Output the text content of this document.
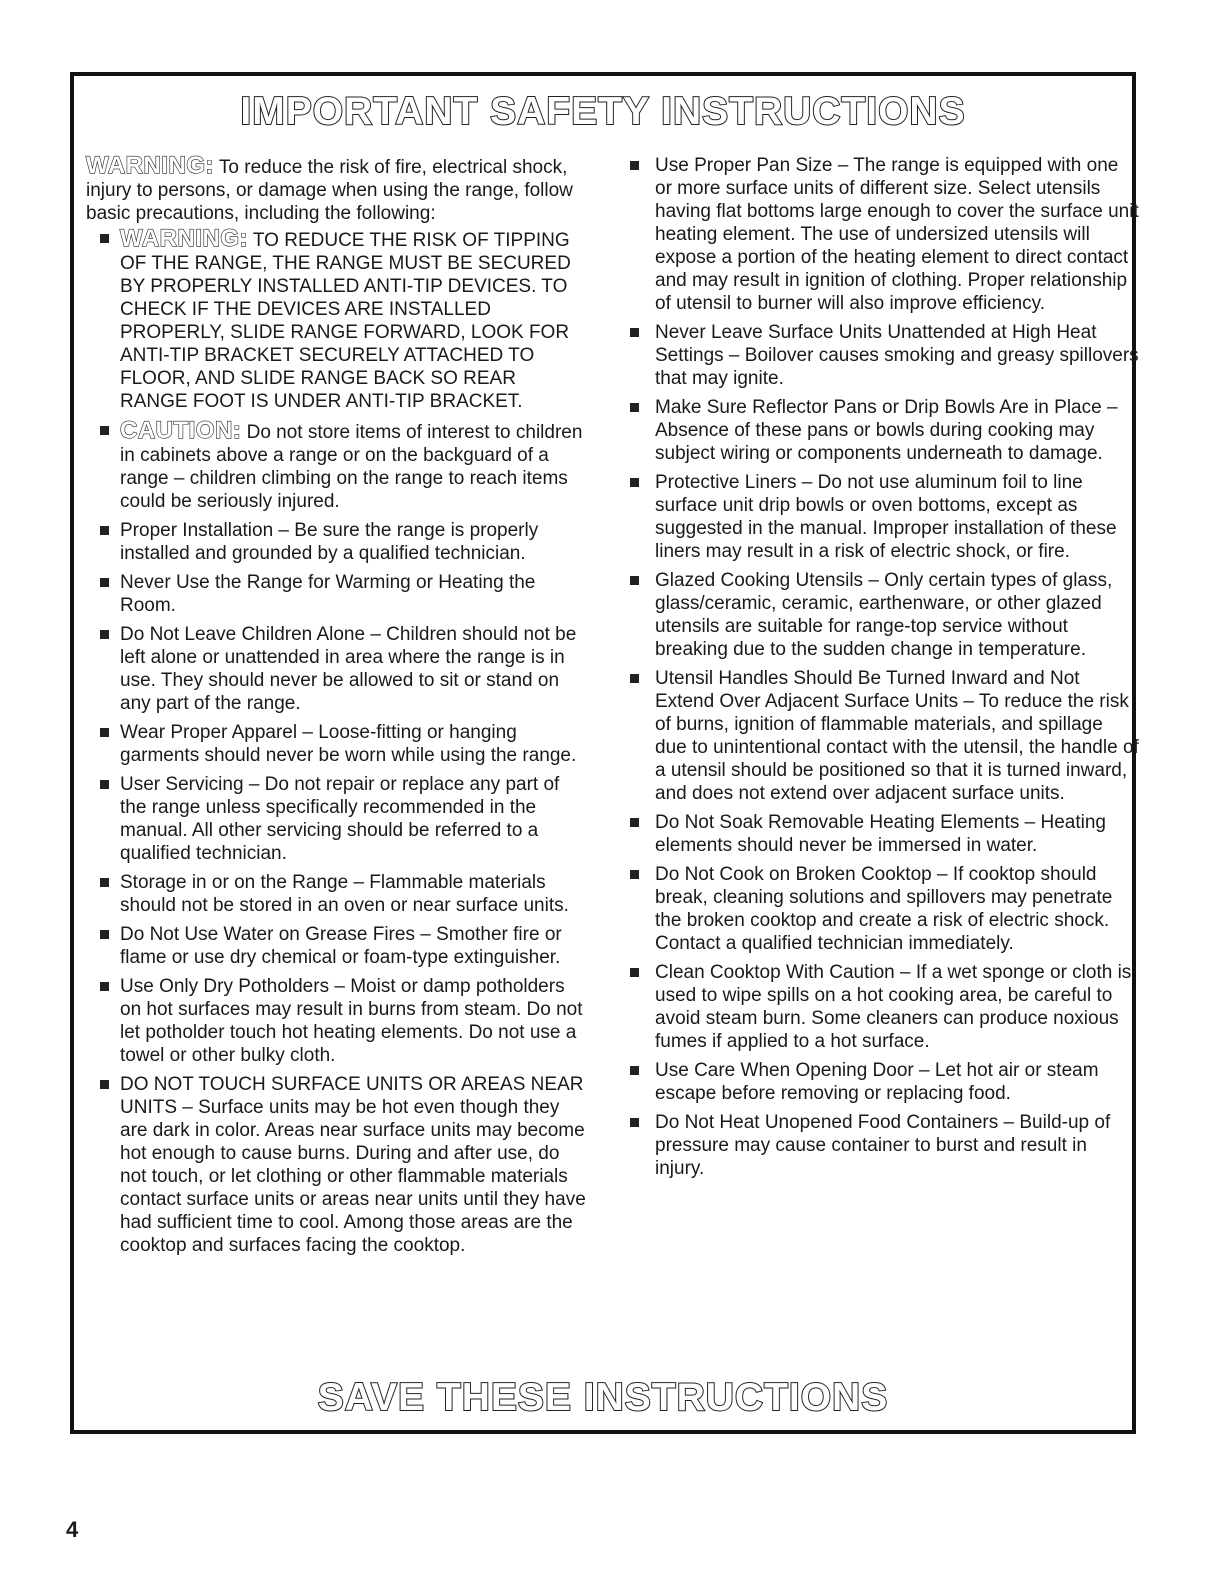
IMPORTANT SAFETY INSTRUCTIONS

WARNING: To reduce the risk of fire, electrical shock, injury to persons, or damage when using the range, follow basic precautions, including the following:

WARNING: TO REDUCE THE RISK OF TIPPING OF THE RANGE, THE RANGE MUST BE SECURED BY PROPERLY INSTALLED ANTI-TIP DEVICES. TO CHECK IF THE DEVICES ARE INSTALLED PROPERLY, SLIDE RANGE FORWARD, LOOK FOR ANTI-TIP BRACKET SECURELY ATTACHED TO FLOOR, AND SLIDE RANGE BACK SO REAR RANGE FOOT IS UNDER ANTI-TIP BRACKET.
CAUTION: Do not store items of interest to children in cabinets above a range or on the backguard of a range – children climbing on the range to reach items could be seriously injured.
Proper Installation – Be sure the range is properly installed and grounded by a qualified technician.
Never Use the Range for Warming or Heating the Room.
Do Not Leave Children Alone – Children should not be left alone or unattended in area where the range is in use. They should never be allowed to sit or stand on any part of the range.
Wear Proper Apparel – Loose-fitting or hanging garments should never be worn while using the range.
User Servicing – Do not repair or replace any part of the range unless specifically recommended in the manual. All other servicing should be referred to a qualified technician.
Storage in or on the Range – Flammable materials should not be stored in an oven or near surface units.
Do Not Use Water on Grease Fires – Smother fire or flame or use dry chemical or foam-type extinguisher.
Use Only Dry Potholders – Moist or damp potholders on hot surfaces may result in burns from steam. Do not let potholder touch hot heating elements. Do not use a towel or other bulky cloth.
DO NOT TOUCH SURFACE UNITS OR AREAS NEAR UNITS – Surface units may be hot even though they are dark in color. Areas near surface units may become hot enough to cause burns. During and after use, do not touch, or let clothing or other flammable materials contact surface units or areas near units until they have had sufficient time to cool. Among those areas are the cooktop and surfaces facing the cooktop.
Use Proper Pan Size – The range is equipped with one or more surface units of different size. Select utensils having flat bottoms large enough to cover the surface unit heating element. The use of undersized utensils will expose a portion of the heating element to direct contact and may result in ignition of clothing. Proper relationship of utensil to burner will also improve efficiency.
Never Leave Surface Units Unattended at High Heat Settings – Boilover causes smoking and greasy spillovers that may ignite.
Make Sure Reflector Pans or Drip Bowls Are in Place – Absence of these pans or bowls during cooking may subject wiring or components underneath to damage.
Protective Liners – Do not use aluminum foil to line surface unit drip bowls or oven bottoms, except as suggested in the manual. Improper installation of these liners may result in a risk of electric shock, or fire.
Glazed Cooking Utensils – Only certain types of glass, glass/ceramic, ceramic, earthenware, or other glazed utensils are suitable for range-top service without breaking due to the sudden change in temperature.
Utensil Handles Should Be Turned Inward and Not Extend Over Adjacent Surface Units – To reduce the risk of burns, ignition of flammable materials, and spillage due to unintentional contact with the utensil, the handle of a utensil should be positioned so that it is turned inward, and does not extend over adjacent surface units.
Do Not Soak Removable Heating Elements – Heating elements should never be immersed in water.
Do Not Cook on Broken Cooktop – If cooktop should break, cleaning solutions and spillovers may penetrate the broken cooktop and create a risk of electric shock. Contact a qualified technician immediately.
Clean Cooktop With Caution – If a wet sponge or cloth is used to wipe spills on a hot cooking area, be careful to avoid steam burn. Some cleaners can produce noxious fumes if applied to a hot surface.
Use Care When Opening Door – Let hot air or steam escape before removing or replacing food.
Do Not Heat Unopened Food Containers – Build-up of pressure may cause container to burst and result in injury.
SAVE THESE INSTRUCTIONS
4
